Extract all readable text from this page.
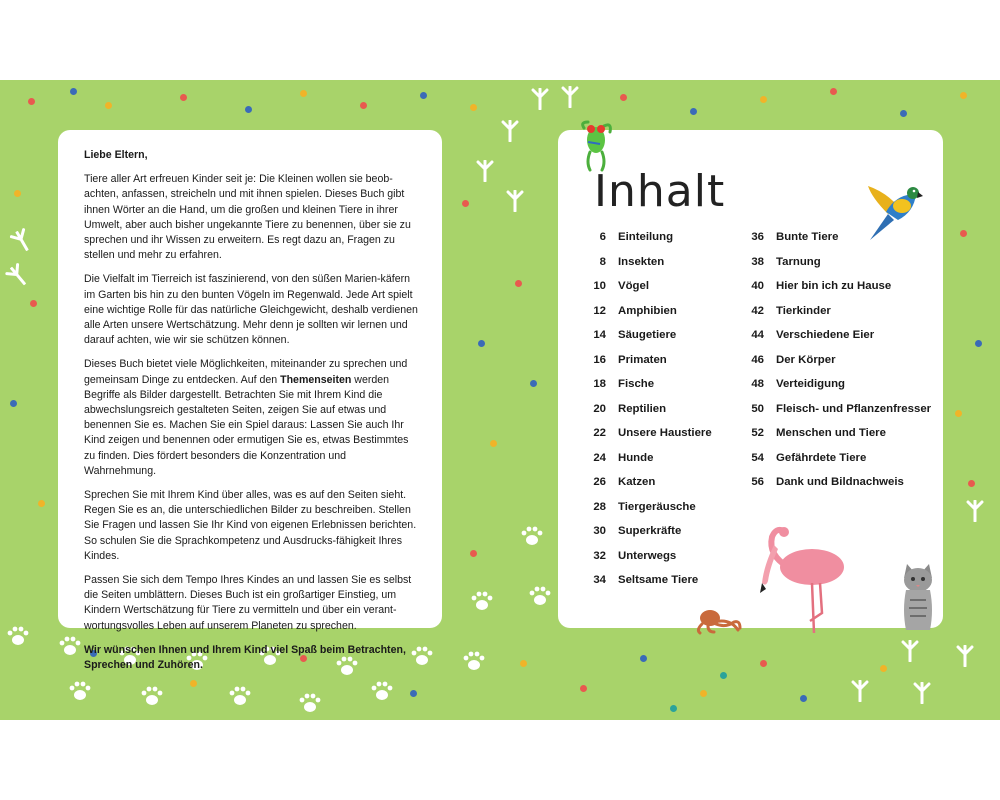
Liebe Eltern,

Tiere aller Art erfreuen Kinder seit je: Die Kleinen wollen sie beob-achten, anfassen, streicheln und mit ihnen spielen. Dieses Buch gibt ihnen Wörter an die Hand, um die großen und kleinen Tiere in ihrer Umwelt, aber auch bisher ungekannte Tiere zu benennen, über sie zu sprechen und ihr Wissen zu erweitern. Es regt dazu an, Fragen zu stellen und mehr zu erfahren.

Die Vielfalt im Tierreich ist faszinierend, von den süßen Marien-käfern im Garten bis hin zu den bunten Vögeln im Regenwald. Jede Art spielt eine wichtige Rolle für das natürliche Gleichgewicht, deshalb verdienen alle Arten unsere Wertschätzung. Mehr denn je sollten wir lernen und darauf achten, wie wir sie schützen können.

Dieses Buch bietet viele Möglichkeiten, miteinander zu sprechen und gemeinsam Dinge zu entdecken. Auf den Themenseiten werden Begriffe als Bilder dargestellt. Betrachten Sie mit Ihrem Kind die abwechslungsreich gestalteten Seiten, zeigen Sie auf etwas und benennen Sie es. Machen Sie ein Spiel daraus: Lassen Sie auch Ihr Kind zeigen und benennen oder ermutigen Sie es, etwas Bestimmtes zu finden. Dies fördert besonders die Konzentration und Wahrnehmung.

Sprechen Sie mit Ihrem Kind über alles, was es auf den Seiten sieht. Regen Sie es an, die unterschiedlichen Bilder zu beschreiben. Stellen Sie Fragen und lassen Sie Ihr Kind von eigenen Erlebnissen berichten. So schulen Sie die Sprachkompetenz und Ausdrucks-fähigkeit Ihres Kindes.

Passen Sie sich dem Tempo Ihres Kindes an und lassen Sie es selbst die Seiten umblättern. Dieses Buch ist ein großartiger Einstieg, um Kindern Wertschätzung für Tiere zu vermitteln und über ein verant-wortungsvolles Leben auf unserem Planeten zu sprechen.

Wir wünschen Ihnen und Ihrem Kind viel Spaß beim Betrachten, Sprechen und Zuhören.

Inhalt
6 Einteilung
8 Insekten
10 Vögel
12 Amphibien
14 Säugetiere
16 Primaten
18 Fische
20 Reptilien
22 Unsere Haustiere
24 Hunde
26 Katzen
28 Tiergeräusche
30 Superkräfte
32 Unterwegs
34 Seltsame Tiere
36 Bunte Tiere
38 Tarnung
40 Hier bin ich zu Hause
42 Tierkinder
44 Verschiedene Eier
46 Der Körper
48 Verteidigung
50 Fleisch- und Pflanzenfresser
52 Menschen und Tiere
54 Gefährdete Tiere
56 Dank und Bildnachweis
